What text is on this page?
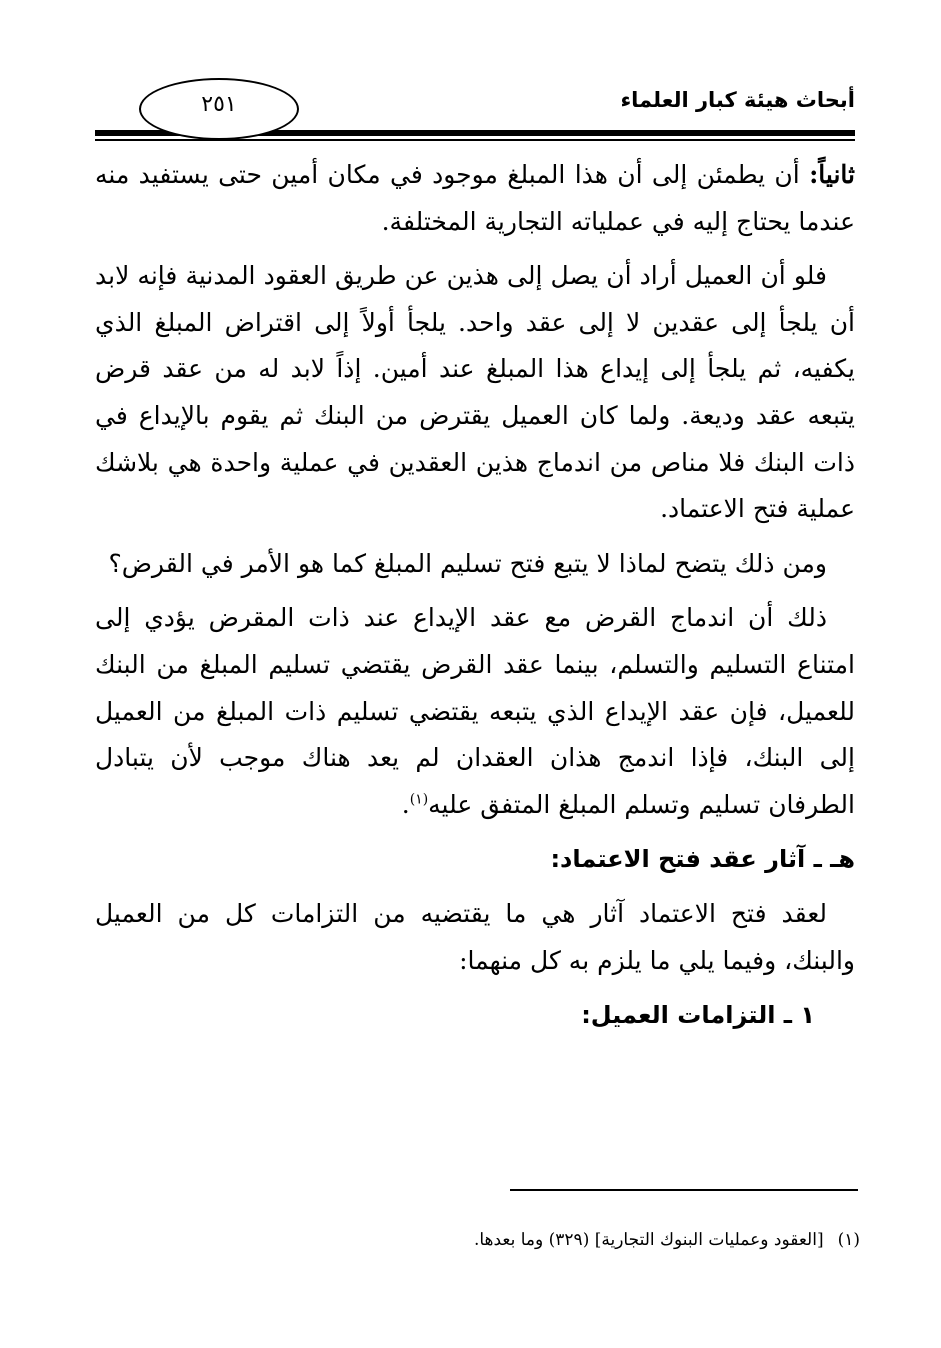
أبحاث هيئة كبار العلماء
٢٥١

ثانياً: أن يطمئن إلى أن هذا المبلغ موجود في مكان أمين حتى يستفيد منه عندما يحتاج إليه في عملياته التجارية المختلفة.

فلو أن العميل أراد أن يصل إلى هذين عن طريق العقود المدنية فإنه لابد أن يلجأ إلى عقدين لا إلى عقد واحد. يلجأ أولاً إلى اقتراض المبلغ الذي يكفيه، ثم يلجأ إلى إيداع هذا المبلغ عند أمين. إذاً لابد له من عقد قرض يتبعه عقد وديعة. ولما كان العميل يقترض من البنك ثم يقوم بالإيداع في ذات البنك فلا مناص من اندماج هذين العقدين في عملية واحدة هي بلاشك عملية فتح الاعتماد.

ومن ذلك يتضح لماذا لا يتبع فتح تسليم المبلغ كما هو الأمر في القرض؟

ذلك أن اندماج القرض مع عقد الإيداع عند ذات المقرض يؤدي إلى امتناع التسليم والتسلم، بينما عقد القرض يقتضي تسليم المبلغ من البنك للعميل، فإن عقد الإيداع الذي يتبعه يقتضي تسليم ذات المبلغ من العميل إلى البنك، فإذا اندمج هذان العقدان لم يعد هناك موجب لأن يتبادل الطرفان تسليم وتسلم المبلغ المتفق عليه$^{(١)}$.

هـ ـ آثار عقد فتح الاعتماد:

لعقد فتح الاعتماد آثار هي ما يقتضيه من التزامات كل من العميل والبنك، وفيما يلي ما يلزم به كل منهما:

١ ـ التزامات العميل:
(١)[العقود وعمليات البنوك التجارية] (٣٢٩) وما بعدها.
